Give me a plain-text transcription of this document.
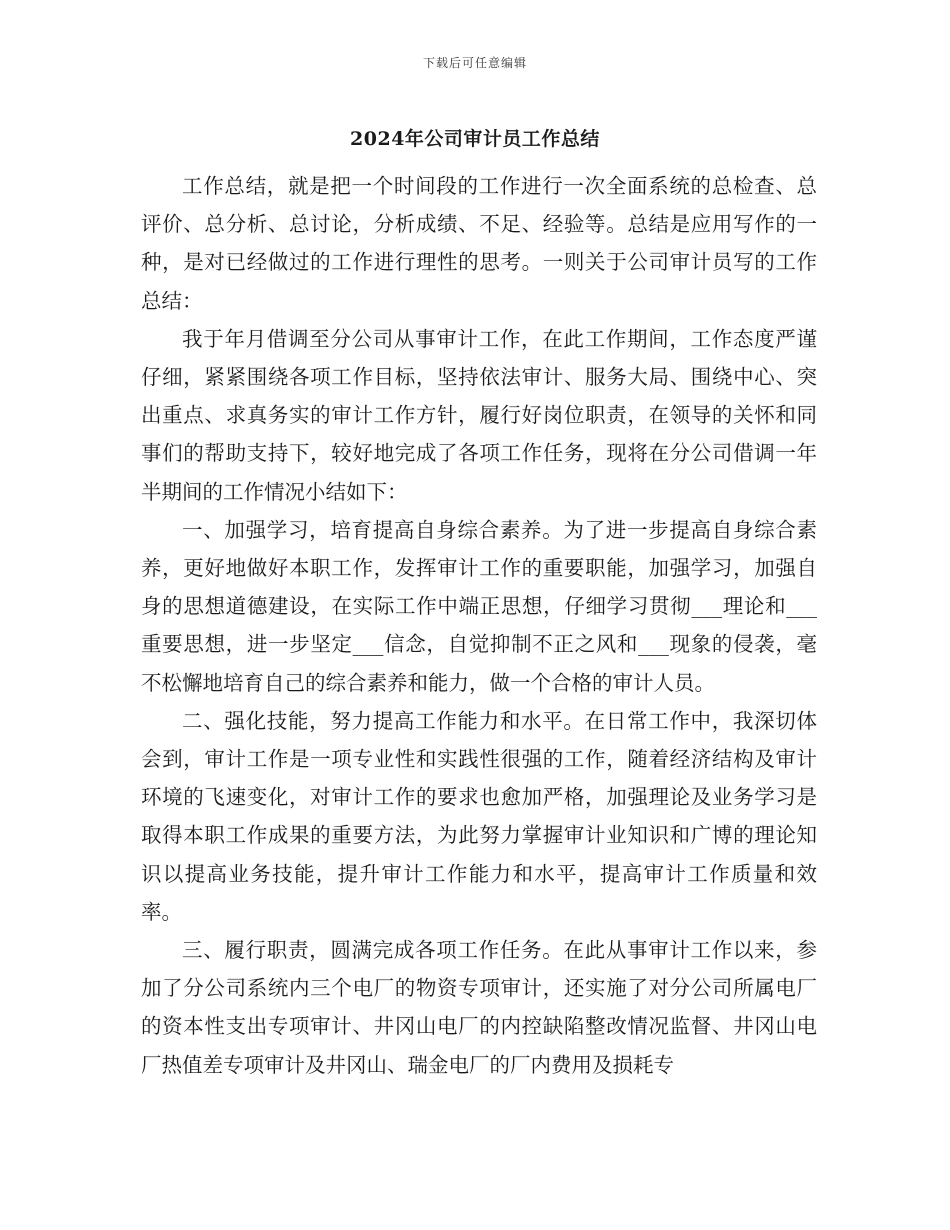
下载后可任意编辑
2024年公司审计员工作总结

工作总结，就是把一个时间段的工作进行一次全面系统的总检查、总评价、总分析、总讨论，分析成绩、不足、经验等。总结是应用写作的一种，是对已经做过的工作进行理性的思考。一则关于公司审计员写的工作总结：

我于年月借调至分公司从事审计工作，在此工作期间，工作态度严谨仔细，紧紧围绕各项工作目标，坚持依法审计、服务大局、围绕中心、突出重点、求真务实的审计工作方针，履行好岗位职责，在领导的关怀和同事们的帮助支持下，较好地完成了各项工作任务，现将在分公司借调一年半期间的工作情况小结如下：

一、加强学习，培育提高自身综合素养。为了进一步提高自身综合素养，更好地做好本职工作，发挥审计工作的重要职能，加强学习，加强自身的思想道德建设，在实际工作中端正思想，仔细学习贯彻___理论和___重要思想，进一步坚定___信念，自觉抑制不正之风和___现象的侵袭，毫不松懈地培育自己的综合素养和能力，做一个合格的审计人员。

二、强化技能，努力提高工作能力和水平。在日常工作中，我深切体会到，审计工作是一项专业性和实践性很强的工作，随着经济结构及审计环境的飞速变化，对审计工作的要求也愈加严格，加强理论及业务学习是取得本职工作成果的重要方法，为此努力掌握审计业知识和广博的理论知识以提高业务技能，提升审计工作能力和水平，提高审计工作质量和效率。

三、履行职责，圆满完成各项工作任务。在此从事审计工作以来，参加了分公司系统内三个电厂的物资专项审计，还实施了对分公司所属电厂的资本性支出专项审计、井冈山电厂的内控缺陷整改情况监督、井冈山电厂热值差专项审计及井冈山、瑞金电厂的厂内费用及损耗专
